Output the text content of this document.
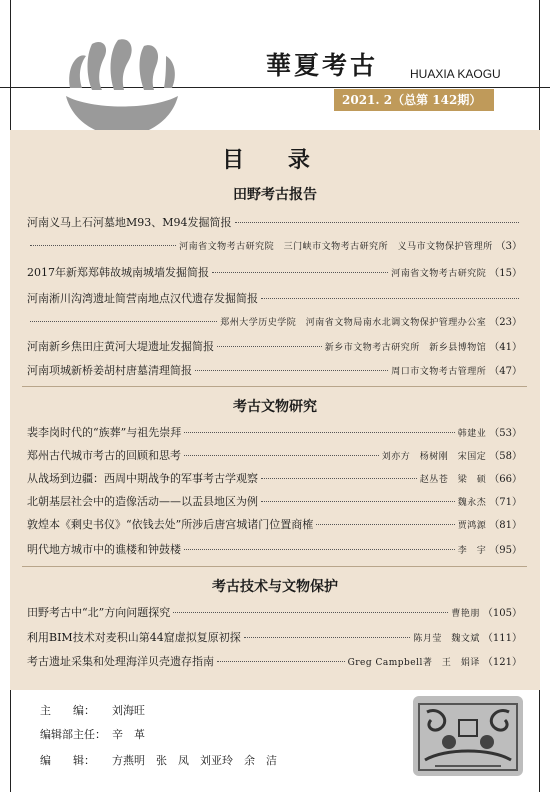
華夏考古	HUAXIA KAOGU
2021. 2（总第 142期）
目 录
田野考古报告
河南义马上石河墓地M93、M94发掘简报
河南省文物考古研究院　三门峡市文物考古研究所　义马市文物保护管理所 （3）
2017年新郑郑韩故城南城墙发掘简报	河南省文物考古研究院 （15）
河南淅川沟湾遗址简营南地点汉代遗存发掘简报
郑州大学历史学院　河南省文物局南水北调文物保护管理办公室 （23）
河南新乡焦田庄黄河大堤遗址发掘简报	新乡市文物考古研究所　新乡县博物馆 （41）
河南项城新桥姜胡村唐墓清理简报	周口市文物考古管理所 （47）
考古文物研究
裴李岗时代的“族葬”与祖先崇拜	韩建业 （53）
郑州古代城市考古的回顾和思考	刘亦方　杨树刚　宋国定 （58）
从战场到边疆：西周中期战争的军事考古学观察	赵丛苍　梁　硕 （66）
北朝基层社会中的造像活动——以盂县地区为例	魏永杰 （71）
敦煌本《剩史书仪》“依钱去处”所涉后唐宫城诸门位置商榷	贾鸿源 （81）
明代地方城市中的谯楼和钟鼓楼	李　宇 （95）
考古技术与文物保护
田野考古中“北”方向问题探究	曹艳朋 （105）
利用BIM技术对麦积山第44窟虚拟复原初探	陈月莹　魏文斌 （111）
考古遗址采集和处理海洋贝壳遗存指南	Greg Campbell著　王　娟译 （121）
主　　编： 刘海旺
编辑部主任： 辛　革
编　　辑： 方燕明　张　凤　刘亚玲　余　洁
